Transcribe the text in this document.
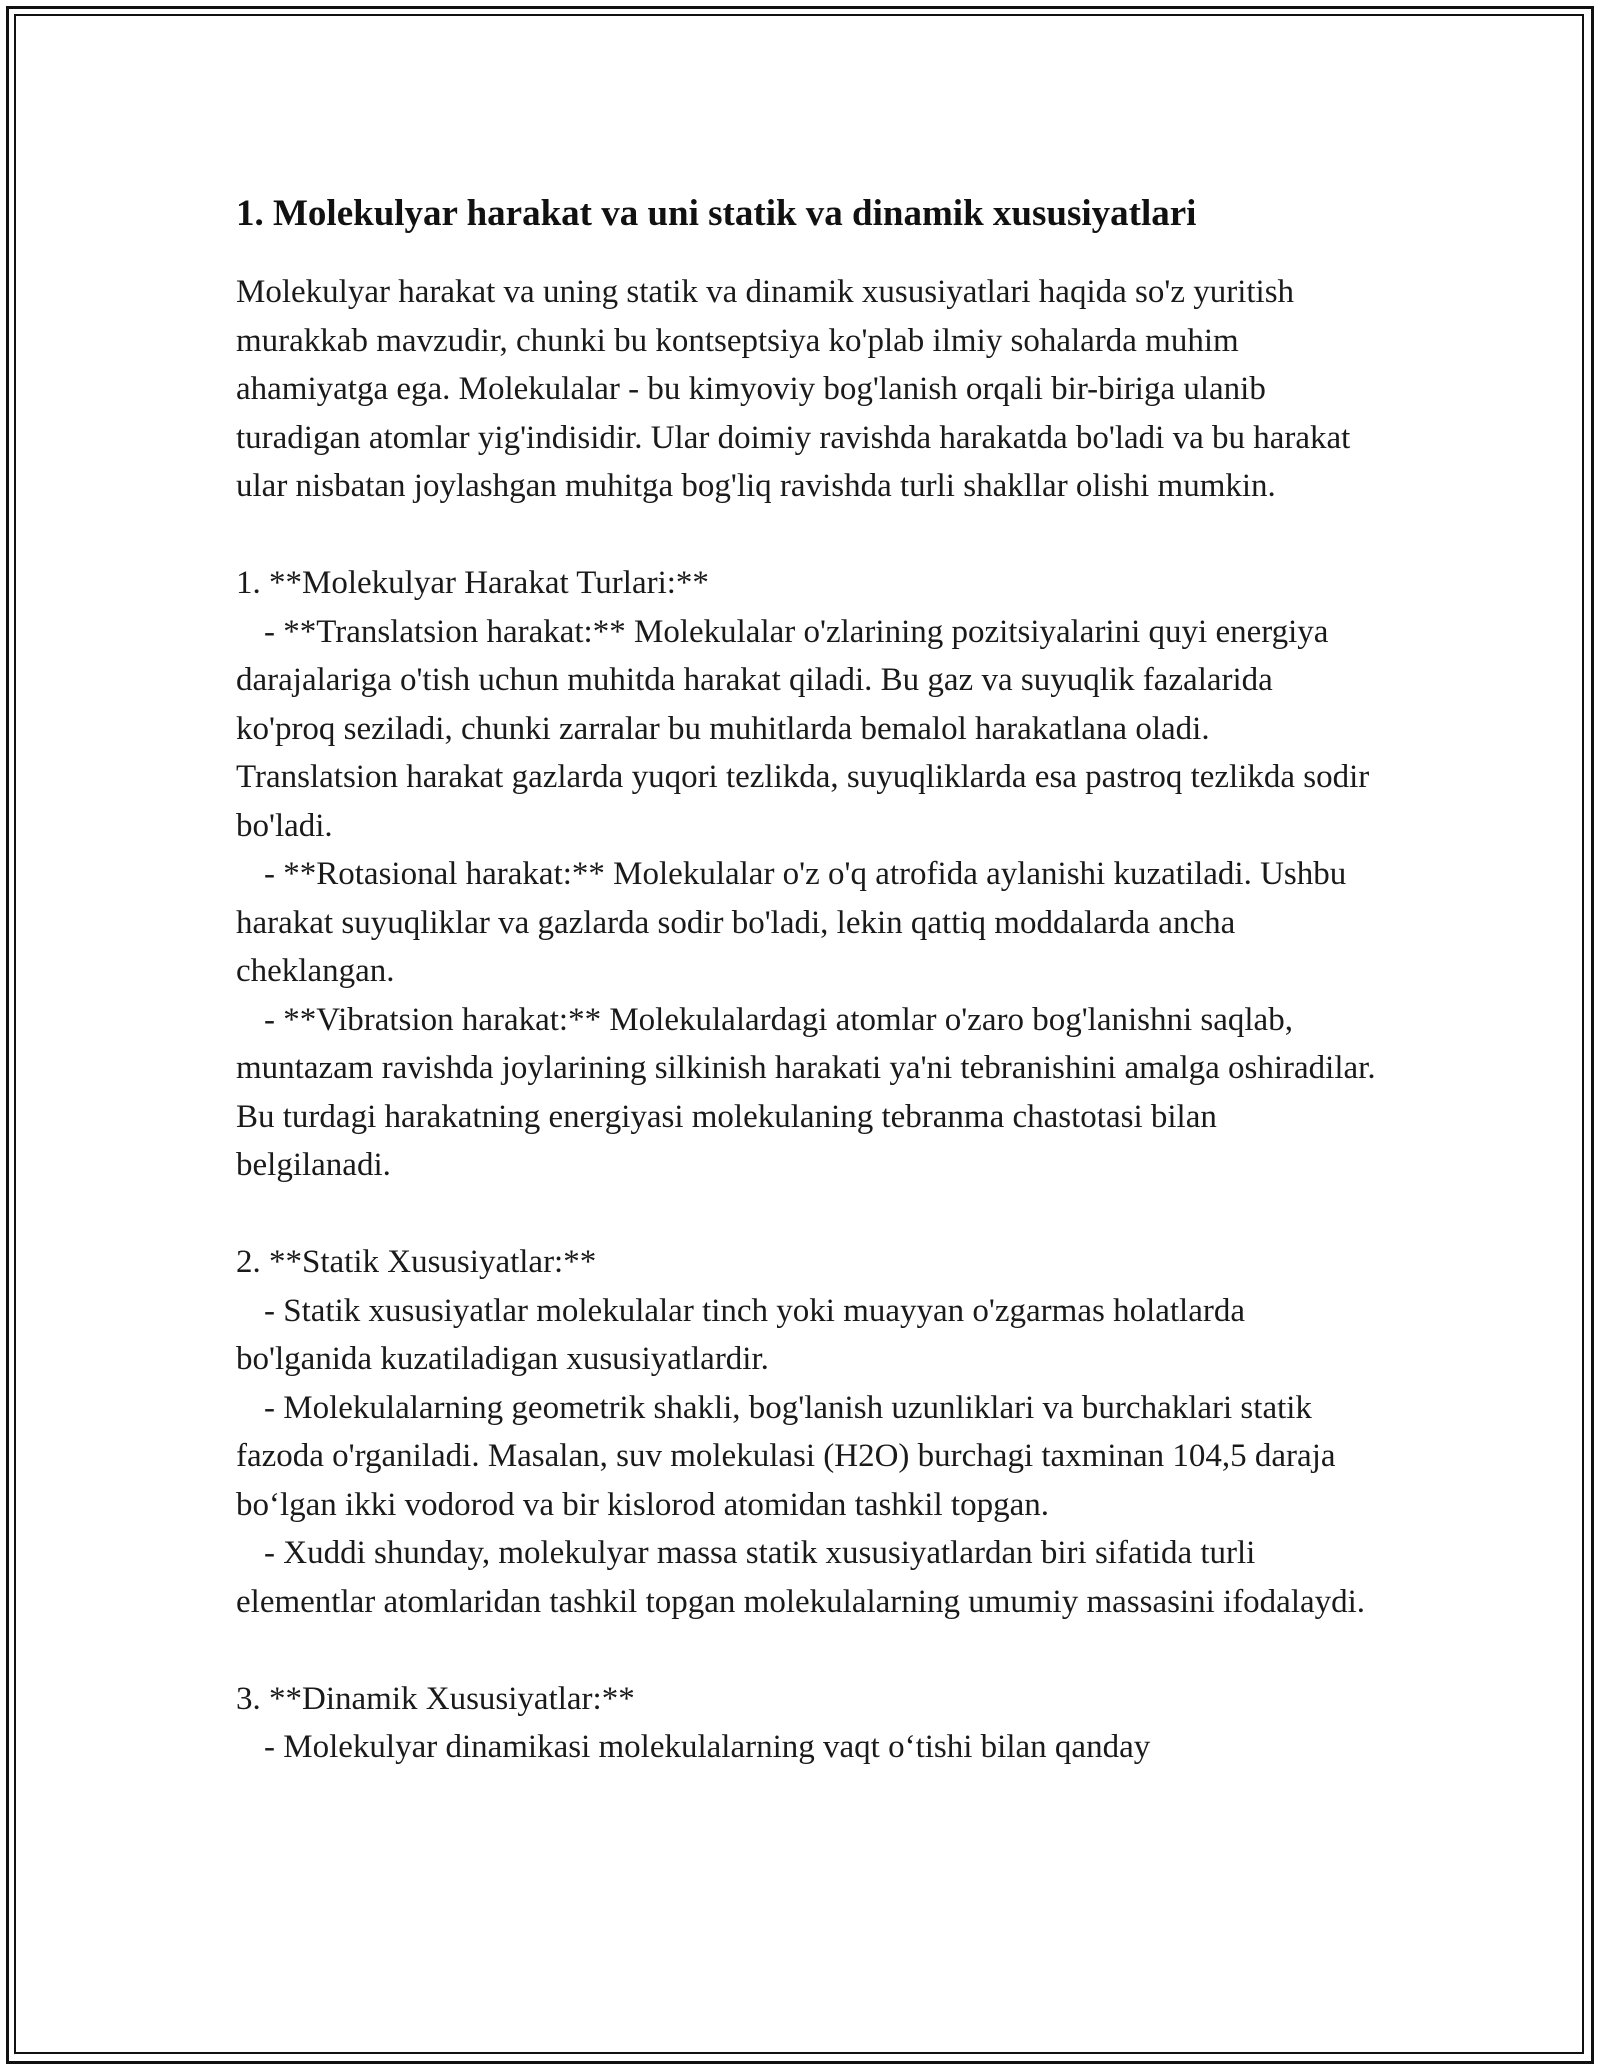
1. Molekulyar harakat va uni statik va dinamik xususiyatlari

Molekulyar harakat va uning statik va dinamik xususiyatlari haqida so'z yuritish murakkab mavzudir, chunki bu kontseptsiya ko'plab ilmiy sohalarda muhim ahamiyatga ega. Molekulalar - bu kimyoviy bog'lanish orqali bir-biriga ulanib turadigan atomlar yig'indisidir. Ular doimiy ravishda harakatda bo'ladi va bu harakat ular nisbatan joylashgan muhitga bog'liq ravishda turli shakllar olishi mumkin.

1. **Molekulyar Harakat Turlari:**

- **Translatsion harakat:** Molekulalar o'zlarining pozitsiyalarini quyi energiya darajalariga o'tish uchun muhitda harakat qiladi. Bu gaz va suyuqlik fazalarida ko'proq seziladi, chunki zarralar bu muhitlarda bemalol harakatlana oladi. Translatsion harakat gazlarda yuqori tezlikda, suyuqliklarda esa pastroq tezlikda sodir bo'ladi.

- **Rotasional harakat:** Molekulalar o'z o'q atrofida aylanishi kuzatiladi. Ushbu harakat suyuqliklar va gazlarda sodir bo'ladi, lekin qattiq moddalarda ancha cheklangan.

- **Vibratsion harakat:** Molekulalardagi atomlar o'zaro bog'lanishni saqlab, muntazam ravishda joylarining silkinish harakati ya'ni tebranishini amalga oshiradilar. Bu turdagi harakatning energiyasi molekulaning tebranma chastotasi bilan belgilanadi.

2. **Statik Xususiyatlar:**

- Statik xususiyatlar molekulalar tinch yoki muayyan o'zgarmas holatlarda bo'lganida kuzatiladigan xususiyatlardir.

- Molekulalarning geometrik shakli, bog'lanish uzunliklari va burchaklari statik fazoda o'rganiladi. Masalan, suv molekulasi (H2O) burchagi taxminan 104,5 daraja bo‘lgan ikki vodorod va bir kislorod atomidan tashkil topgan.

- Xuddi shunday, molekulyar massa statik xususiyatlardan biri sifatida turli elementlar atomlaridan tashkil topgan molekulalarning umumiy massasini ifodalaydi.

3. **Dinamik Xususiyatlar:**

- Molekulyar dinamikasi molekulalarning vaqt o‘tishi bilan qanday
